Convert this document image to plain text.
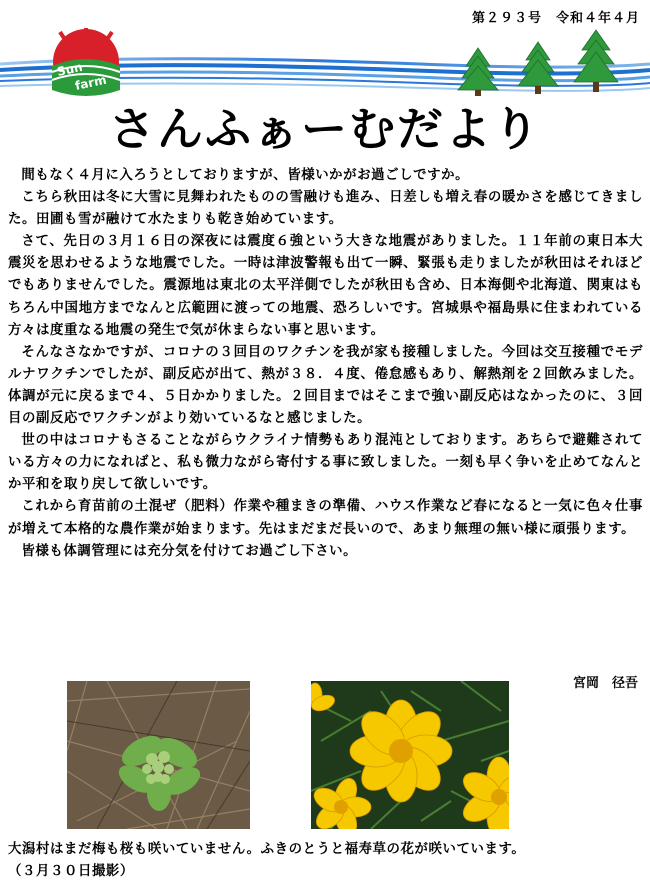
第２９３号　令和４年４月
Sun
farm
さんふぁーむだより

間もなく４月に入ろうとしておりますが、皆様いかがお過ごしですか。

こちら秋田は冬に大雪に見舞われたものの雪融けも進み、日差しも増え春の暖かさを感じてきました。田圃も雪が融けて水たまりも乾き始めています。

さて、先日の３月１６日の深夜には震度６強という大きな地震がありました。１１年前の東日本大震災を思わせるような地震でした。一時は津波警報も出て一瞬、緊張も走りましたが秋田はそれほどでもありませんでした。震源地は東北の太平洋側でしたが秋田も含め、日本海側や北海道、関東はもちろん中国地方までなんと広範囲に渡っての地震、恐ろしいです。宮城県や福島県に住まわれている方々は度重なる地震の発生で気が休まらない事と思います。

そんなさなかですが、コロナの３回目のワクチンを我が家も接種しました。今回は交互接種でモデルナワクチンでしたが、副反応が出て、熱が３８．４度、倦怠感もあり、解熱剤を２回飲みました。体調が元に戻るまで４、５日かかりました。２回目まではそこまで強い副反応はなかったのに、３回目の副反応でワクチンがより効いているなと感じました。

世の中はコロナもさることながらウクライナ情勢もあり混沌としております。あちらで避難されている方々の力になればと、私も微力ながら寄付する事に致しました。一刻も早く争いを止めてなんとか平和を取り戻して欲しいです。

これから育苗前の土混ぜ（肥料）作業や種まきの準備、ハウス作業など春になると一気に色々仕事が増えて本格的な農作業が始まります。先はまだまだ長いので、あまり無理の無い様に頑張ります。

皆様も体調管理には充分気を付けてお過ごし下さい。

宮岡　径吾
大潟村はまだ梅も桜も咲いていません。ふきのとうと福寿草の花が咲いています。
（３月３０日撮影）
